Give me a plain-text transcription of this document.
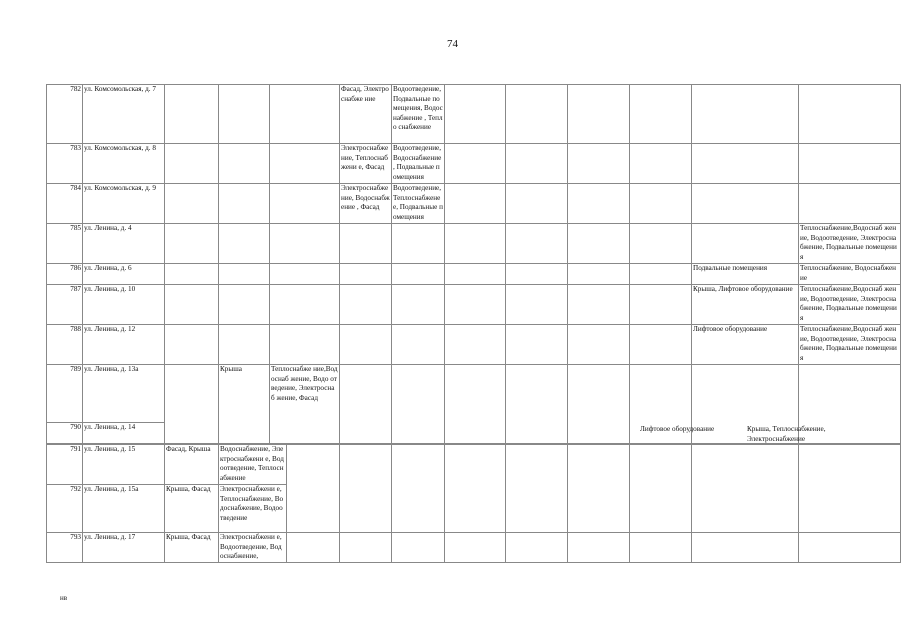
74
782	ул. Комсомольская, д. 7				Фасад, Электроснабже ние	Водоотведение, Подвальные помещения, Водоснабжение , Тепло снабжение						
783	ул. Комсомольская, д. 8				Электроснабже ние, Теплоснабжени е, Фасад	Водоотведение, Водоснабжение , Подвальные помещения						
784	ул. Комсомольская, д. 9				Электроснабже ние, Водоснабжение , Фасад	Водоотведение, Теплоснабжене е, Подвальные помещения						
785	ул. Ленина, д. 4											Теплоснабжение,Водоснаб жение, Водоотведение, Электроснабжение, Подвальные помещения
786	ул. Ленина, д. 6										Подвальные помещения	Теплоснабжение, Водоснабжение
787	ул. Ленина, д. 10										Крыша, Лифтовое оборудование	Теплоснабжение,Водоснаб жение, Водоотведение, Электроснабжение, Подвальные помещения
788	ул. Ленина, д. 12										Лифтовое оборудование	Теплоснабжение,Водоснаб жение, Водоотведение, Электроснабжение, Подвальные помещения
789	ул. Ленина, д. 13а		Крыша	Теплоснабже ние,Водоснаб жение, Водо отведение, Электроснаб жение, Фасад								
790	ул. Ленина, д. 14												Лифтовое оборудование	Крыша, Теплоснабжение, Электроснабжение
791	ул. Ленина, д. 15	Фасад, Крыша	Водоснабжение, Электроснабжени е, Водоотведение, Теплоснабжение									
792	ул. Ленина, д. 15а	Крыша, Фасад	Электроснабжени е, Теплоснабжение, Водоснабжение, Водоотведение									
793	ул. Ленина, д. 17	Крыша, Фасад	Электроснабжени е, Водоотведение, Водоснабжение,									
нв
